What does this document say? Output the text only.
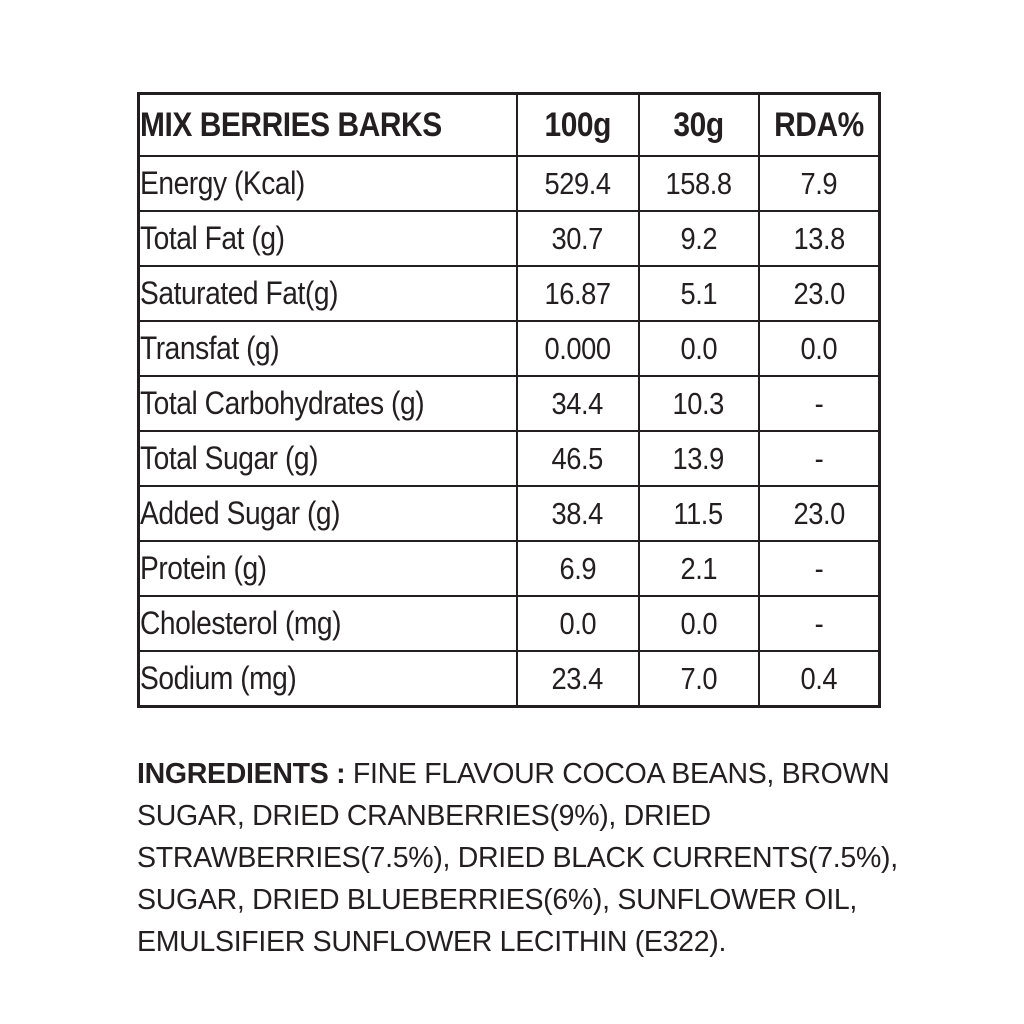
MIX BERRIES BARKS	100g	30g	RDA%
Energy (Kcal)	529.4	158.8	7.9
Total Fat (g)	30.7	9.2	13.8
Saturated Fat(g)	16.87	5.1	23.0
Transfat (g)	0.000	0.0	0.0
Total Carbohydrates (g)	34.4	10.3	-
Total Sugar (g)	46.5	13.9	-
Added Sugar (g)	38.4	11.5	23.0
Protein (g)	6.9	2.1	-
Cholesterol (mg)	0.0	0.0	-
Sodium (mg)	23.4	7.0	0.4

INGREDIENTS : FINE FLAVOUR COCOA BEANS, BROWN SUGAR, DRIED CRANBERRIES(9%), DRIED STRAWBERRIES(7.5%), DRIED BLACK CURRENTS(7.5%), SUGAR, DRIED BLUEBERRIES(6%), SUNFLOWER OIL, EMULSIFIER SUNFLOWER LECITHIN (E322).
